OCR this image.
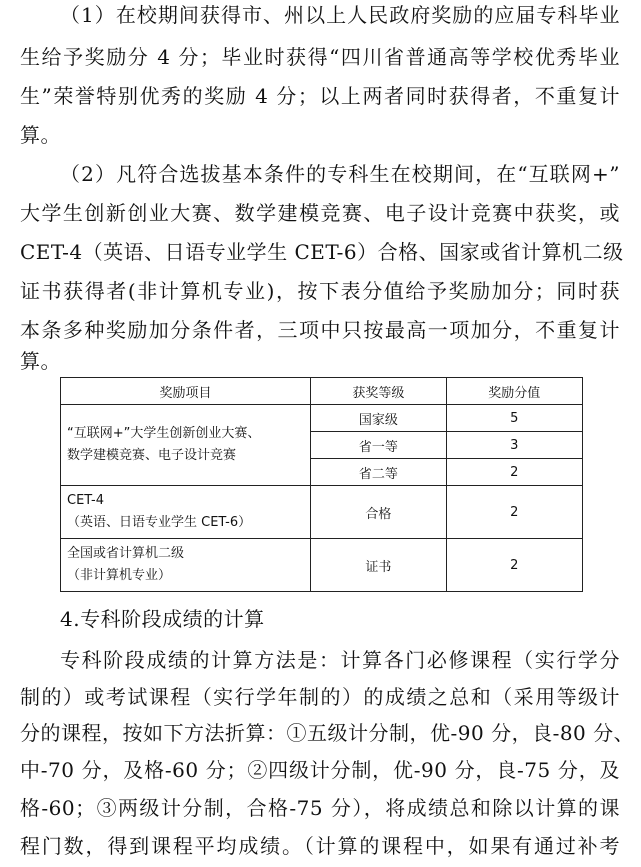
（1）在校期间获得市、州以上人民政府奖励的应届专科毕业
生给予奖励分 4 分；毕业时获得“四川省普通高等学校优秀毕业
生”荣誉特别优秀的奖励 4 分；以上两者同时获得者，不重复计
算。
（2）凡符合选拔基本条件的专科生在校期间，在“互联网+”
大学生创新创业大赛、数学建模竞赛、电子设计竞赛中获奖，或
CET-4（英语、日语专业学生 CET-6）合格、国家或省计算机二级
证书获得者(非计算机专业)，按下表分值给予奖励加分；同时获
本条多种奖励加分条件者，三项中只按最高一项加分，不重复计
算。
奖励项目	获奖等级	奖励分值

“互联网+”大学生创新创业大赛、
数学建模竞赛、电子设计竞赛	国家级	5
	省一等	3
	省二等	2

CET-4
（英语、日语专业学生 CET-6）	合格	2

全国或省计算机二级
（非计算机专业）	证书	2
4.专科阶段成绩的计算
专科阶段成绩的计算方法是：计算各门必修课程（实行学分
制的）或考试课程（实行学年制的）的成绩之总和（采用等级计
分的课程，按如下方法折算：①五级计分制，优-90 分，良-80 分、
中-70 分，及格-60 分；②四级计分制，优-90 分，良-75 分，及
格-60；③两级计分制，合格-75 分），将成绩总和除以计算的课
程门数，得到课程平均成绩。（计算的课程中，如果有通过补考
